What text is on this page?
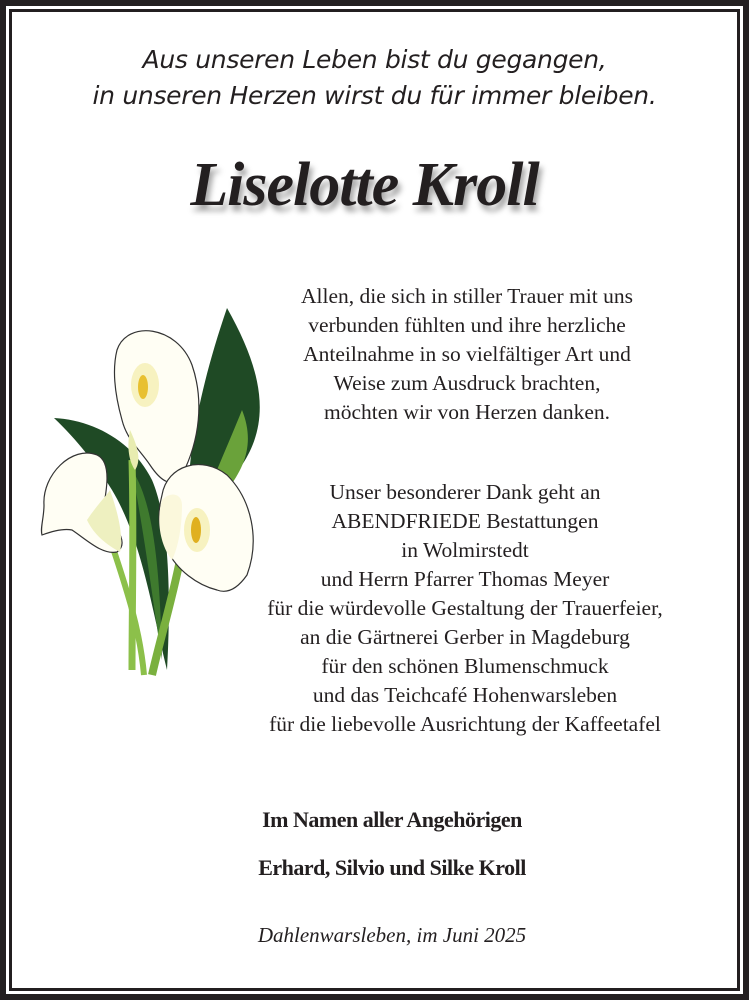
Aus unseren Leben bist du gegangen,
in unseren Herzen wirst du für immer bleiben.
Liselotte Kroll
Allen, die sich in stiller Trauer mit uns
verbunden fühlten und ihre herzliche
Anteilnahme in so vielfältiger Art und
Weise zum Ausdruck brachten,
möchten wir von Herzen danken.
Unser besonderer Dank geht an
ABENDFRIEDE Bestattungen
in Wolmirstedt
und Herrn Pfarrer Thomas Meyer
für die würdevolle Gestaltung der Trauerfeier,
an die Gärtnerei Gerber in Magdeburg
für den schönen Blumenschmuck
und das Teichcafé Hohenwarsleben
für die liebevolle Ausrichtung der Kaffeetafel
Im Namen aller Angehörigen
Erhard, Silvio und Silke Kroll
Dahlenwarsleben, im Juni 2025
